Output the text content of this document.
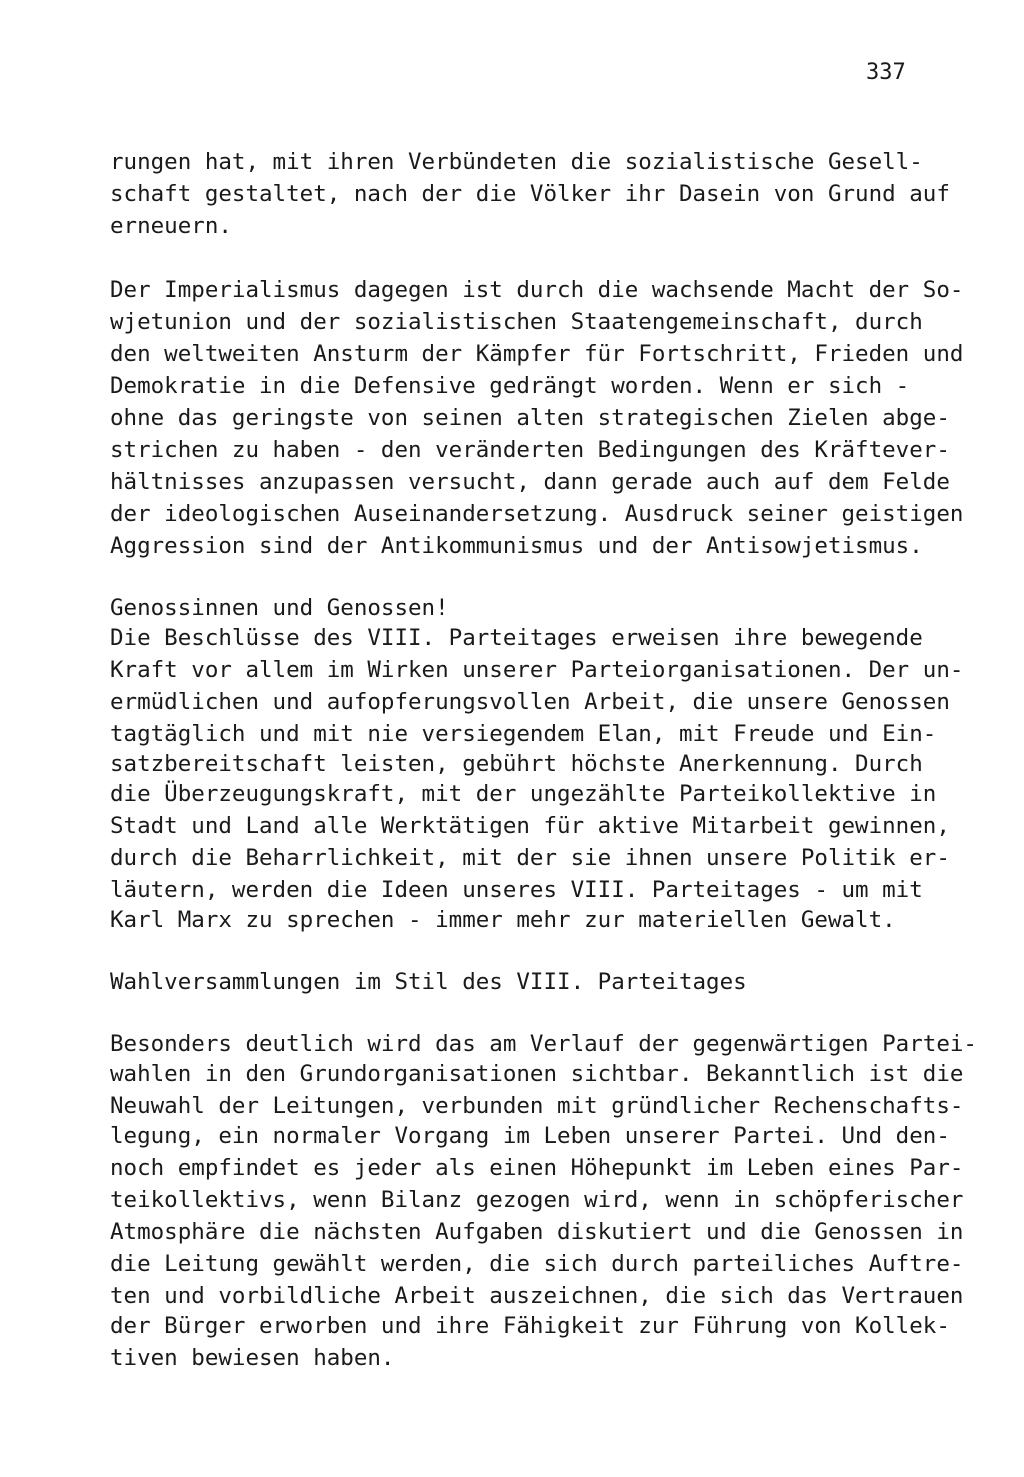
337
rungen hat, mit ihren Verbündeten die sozialistische Gesell-
schaft gestaltet, nach der die Völker ihr Dasein von Grund auf
erneuern.
Der Imperialismus dagegen ist durch die wachsende Macht der So-
wjetunion und der sozialistischen Staatengemeinschaft, durch
den weltweiten Ansturm der Kämpfer für Fortschritt, Frieden und
Demokratie in die Defensive gedrängt worden. Wenn er sich -
ohne das geringste von seinen alten strategischen Zielen abge-
strichen zu haben - den veränderten Bedingungen des Kräftever-
hältnisses anzupassen versucht, dann gerade auch auf dem Felde
der ideologischen Auseinandersetzung. Ausdruck seiner geistigen
Aggression sind der Antikommunismus und der Antisowjetismus.
Genossinnen und Genossen!
Die Beschlüsse des VIII. Parteitages erweisen ihre bewegende
Kraft vor allem im Wirken unserer Parteiorganisationen. Der un-
ermüdlichen und aufopferungsvollen Arbeit, die unsere Genossen
tagtäglich und mit nie versiegendem Elan, mit Freude und Ein-
satzbereitschaft leisten, gebührt höchste Anerkennung. Durch
die Überzeugungskraft, mit der ungezählte Parteikollektive in
Stadt und Land alle Werktätigen für aktive Mitarbeit gewinnen,
durch die Beharrlichkeit, mit der sie ihnen unsere Politik er-
läutern, werden die Ideen unseres VIII. Parteitages - um mit
Karl Marx zu sprechen - immer mehr zur materiellen Gewalt.
Wahlversammlungen im Stil des VIII. Parteitages
Besonders deutlich wird das am Verlauf der gegenwärtigen Partei-
wahlen in den Grundorganisationen sichtbar. Bekanntlich ist die
Neuwahl der Leitungen, verbunden mit gründlicher Rechenschafts-
legung, ein normaler Vorgang im Leben unserer Partei. Und den-
noch empfindet es jeder als einen Höhepunkt im Leben eines Par-
teikollektivs, wenn Bilanz gezogen wird, wenn in schöpferischer
Atmosphäre die nächsten Aufgaben diskutiert und die Genossen in
die Leitung gewählt werden, die sich durch parteiliches Auftre-
ten und vorbildliche Arbeit auszeichnen, die sich das Vertrauen
der Bürger erworben und ihre Fähigkeit zur Führung von Kollek-
tiven bewiesen haben.
